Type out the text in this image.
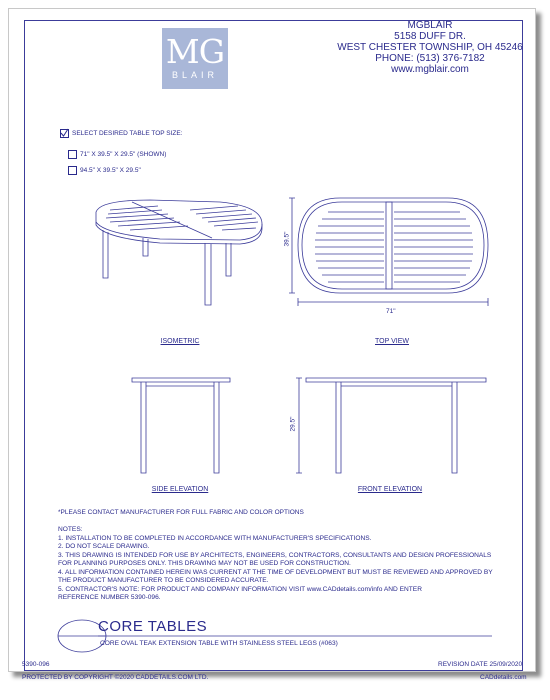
MG
BLAIR
MGBLAIR
5158 DUFF DR.
WEST CHESTER TOWNSHIP, OH 45246
PHONE: (513) 376-7182
www.mgblair.com
SELECT DESIRED TABLE TOP SIZE:
71" X 39.5" X 29.5" (SHOWN)
94.5" X 39.5" X 29.5"
39.5"
71"
29.5"
ISOMETRIC	TOP VIEW
SIDE ELEVATION	FRONT ELEVATION
*PLEASE CONTACT MANUFACTURER FOR FULL FABRIC AND COLOR OPTIONS
NOTES:
1. INSTALLATION TO BE COMPLETED IN ACCORDANCE WITH MANUFACTURER'S SPECIFICATIONS.
2. DO NOT SCALE DRAWING.
3. THIS DRAWING IS INTENDED FOR USE BY ARCHITECTS, ENGINEERS, CONTRACTORS, CONSULTANTS AND DESIGN PROFESSIONALS
FOR PLANNING PURPOSES ONLY. THIS DRAWING MAY NOT BE USED FOR CONSTRUCTION.
4. ALL INFORMATION CONTAINED HEREIN WAS CURRENT AT THE TIME OF DEVELOPMENT BUT MUST BE REVIEWED AND APPROVED BY
THE PRODUCT MANUFACTURER TO BE CONSIDERED ACCURATE.
5. CONTRACTOR'S NOTE: FOR PRODUCT AND COMPANY INFORMATION VISIT www.CADdetails.com/info AND ENTER
REFERENCE NUMBER 5390-096.
CORE TABLES
CORE OVAL TEAK EXTENSION TABLE WITH STAINLESS STEEL LEGS (#063)
5390-096	REVISION DATE 25/09/2020
PROTECTED BY COPYRIGHT ©2020 CADDETAILS.COM LTD.	CADdetails.com
